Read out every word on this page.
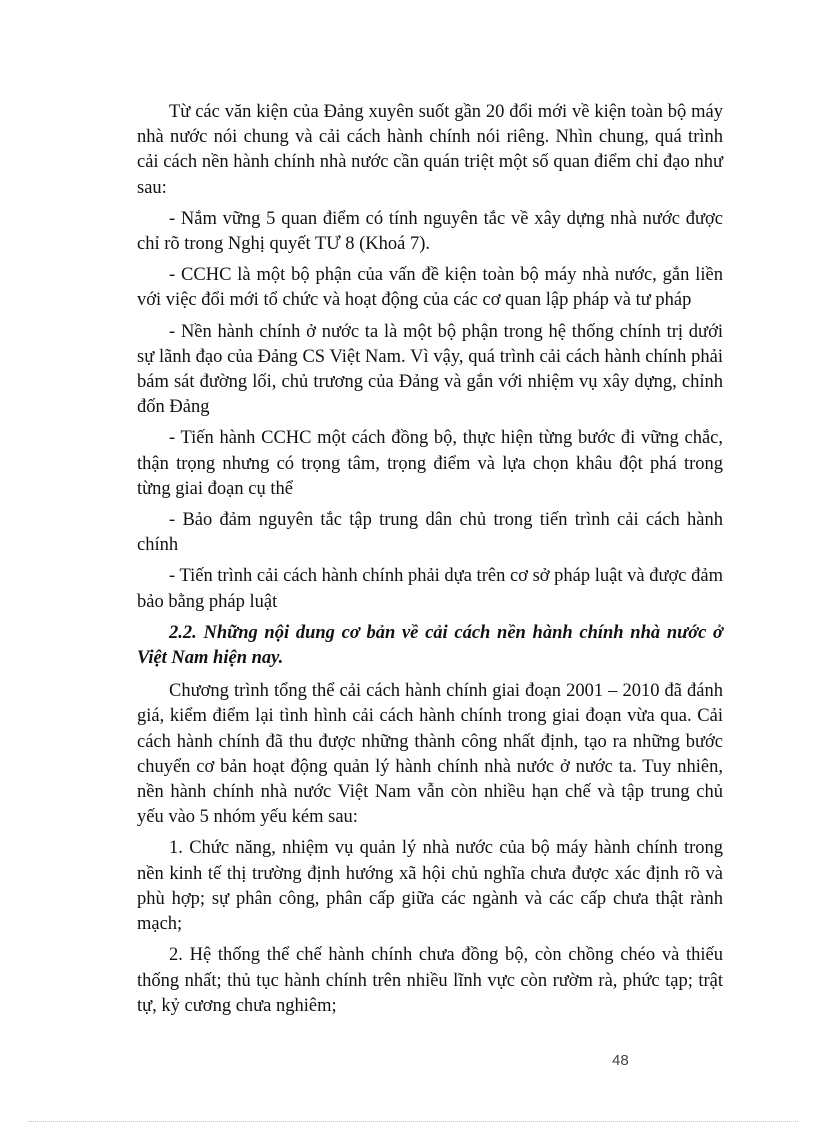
Từ các văn kiện của Đảng xuyên suốt gần 20 đổi mới về kiện toàn bộ máy nhà nước nói chung và cải cách hành chính nói riêng. Nhìn chung, quá trình cải cách nền hành chính nhà nước cần quán triệt một số quan điểm chỉ đạo như sau:

- Nắm vững 5 quan điểm có tính nguyên tắc về xây dựng nhà nước được chỉ rõ trong Nghị quyết TƯ 8 (Khoá 7).

- CCHC là một bộ phận của vấn đề kiện toàn bộ máy nhà nước, gắn liền với việc đổi mới tổ chức và hoạt động của các cơ quan lập pháp và tư pháp

- Nền hành chính ở nước ta là một bộ phận trong hệ thống chính trị dưới sự lãnh đạo của Đảng CS Việt Nam. Vì vậy, quá trình cải cách hành chính phải bám sát đường lối, chủ trương của Đảng và gắn với nhiệm vụ xây dựng, chỉnh đốn Đảng

- Tiến hành CCHC một cách đồng bộ, thực hiện từng bước đi vững chắc, thận trọng nhưng có trọng tâm, trọng điểm và lựa chọn khâu đột phá trong từng giai đoạn cụ thể

- Bảo đảm nguyên tắc tập trung dân chủ trong tiến trình cải cách hành chính

- Tiến trình cải cách hành chính phải dựa trên cơ sở pháp luật và được đảm bảo bằng pháp luật

2.2. Những nội dung cơ bản về cải cách nền hành chính nhà nước ở Việt Nam hiện nay.

Chương trình tổng thể cải cách hành chính giai đoạn 2001 – 2010 đã đánh giá, kiểm điểm lại tình hình cải cách hành chính trong giai đoạn vừa qua. Cải cách hành chính đã thu được những thành công nhất định, tạo ra những bước chuyển cơ bản hoạt động quản lý hành chính nhà nước ở nước ta. Tuy nhiên, nền hành chính nhà nước Việt Nam vẫn còn nhiều hạn chế và tập trung chủ yếu vào 5 nhóm yếu kém sau:

1. Chức năng, nhiệm vụ quản lý nhà nước của bộ máy hành chính trong nền kinh tế thị trường định hướng xã hội chủ nghĩa chưa được xác định rõ và phù hợp; sự phân công, phân cấp giữa các ngành và các cấp chưa thật rành mạch;

2. Hệ thống thể chế hành chính chưa đồng bộ, còn chồng chéo và thiếu thống nhất; thủ tục hành chính trên nhiều lĩnh vực còn rườm rà, phức tạp; trật tự, kỷ cương chưa nghiêm;

48
